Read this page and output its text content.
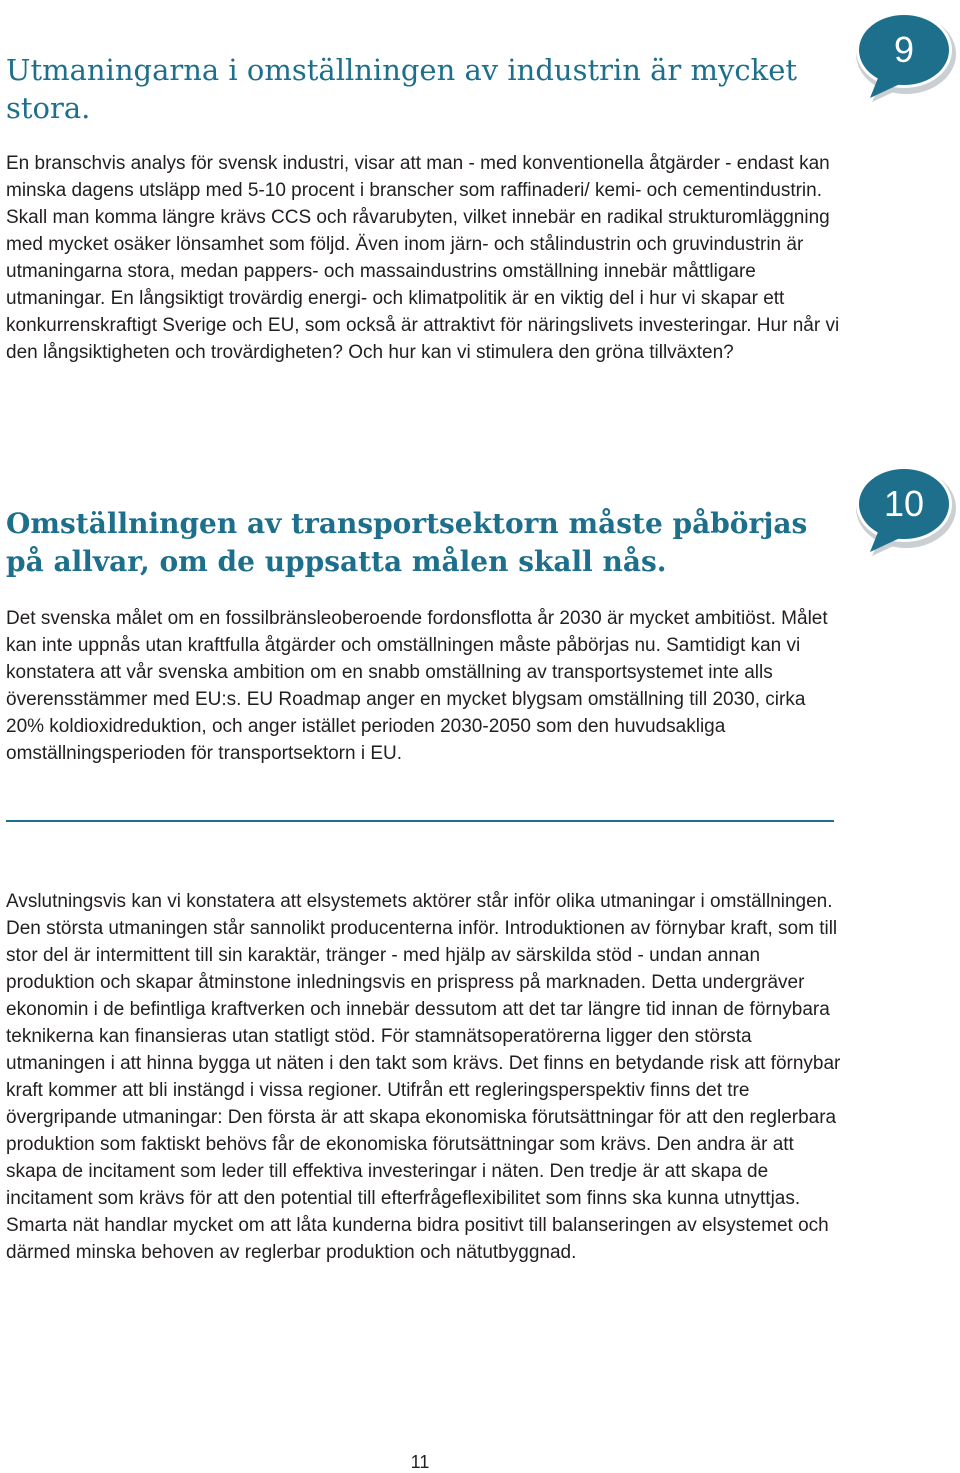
9
Utmaningarna i omställningen av industrin är mycket stora.

En branschvis analys för svensk industri, visar att man - med konventionella åtgärder - endast kan minska dagens utsläpp med 5-10 procent i branscher som raffinaderi/ kemi- och cementindustrin. Skall man komma längre krävs CCS och råvarubyten, vilket innebär en radikal strukturomläggning med mycket osäker lönsamhet som följd. Även inom järn- och stålindustrin och gruvindustrin är utmaningarna stora, medan pappers- och massaindustrins omställning innebär måttligare utmaningar. En långsiktigt trovärdig energi- och klimatpolitik är en viktig del i hur vi skapar ett konkurrenskraftigt Sverige och EU, som också är attraktivt för näringslivets investeringar. Hur når vi den långsiktigheten och trovärdigheten? Och hur kan vi stimulera den gröna tillväxten?

10
Omställningen av transportsektorn måste påbörjas på allvar, om de uppsatta målen skall nås.

Det svenska målet om en fossilbränsleoberoende fordonsflotta år 2030 är mycket ambitiöst. Målet kan inte uppnås utan kraftfulla åtgärder och omställningen måste påbörjas nu. Samtidigt kan vi konstatera att vår svenska ambition om en snabb omställning av transportsystemet inte alls överensstämmer med EU:s. EU Roadmap anger en mycket blygsam omställning till 2030, cirka 20% koldioxidreduktion, och anger istället perioden 2030-2050 som den huvudsakliga omställningsperioden för transportsektorn i EU.

Avslutningsvis kan vi konstatera att elsystemets aktörer står inför olika utmaningar i omställningen. Den största utmaningen står sannolikt producenterna inför. Introduktionen av förnybar kraft, som till stor del är intermittent till sin karaktär, tränger - med hjälp av särskilda stöd - undan annan produktion och skapar åtminstone inledningsvis en prispress på marknaden. Detta undergräver ekonomin i de befintliga kraftverken och innebär dessutom att det tar längre tid innan de förnybara teknikerna kan finansieras utan statligt stöd. För stamnätsoperatörerna ligger den största utmaningen i att hinna bygga ut näten i den takt som krävs. Det finns en betydande risk att förnybar kraft kommer att bli instängd i vissa regioner. Utifrån ett regleringsperspektiv finns det tre övergripande utmaningar: Den första är att skapa ekonomiska förutsättningar för att den reglerbara produktion som faktiskt behövs får de ekonomiska förutsättningar som krävs. Den andra är att skapa de incitament som leder till effektiva investeringar i näten. Den tredje är att skapa de incitament som krävs för att den potential till efterfrågeflexibilitet som finns ska kunna utnyttjas. Smarta nät handlar mycket om att låta kunderna bidra positivt till balanseringen av elsystemet och därmed minska behoven av reglerbar produktion och nätutbyggnad.

11
